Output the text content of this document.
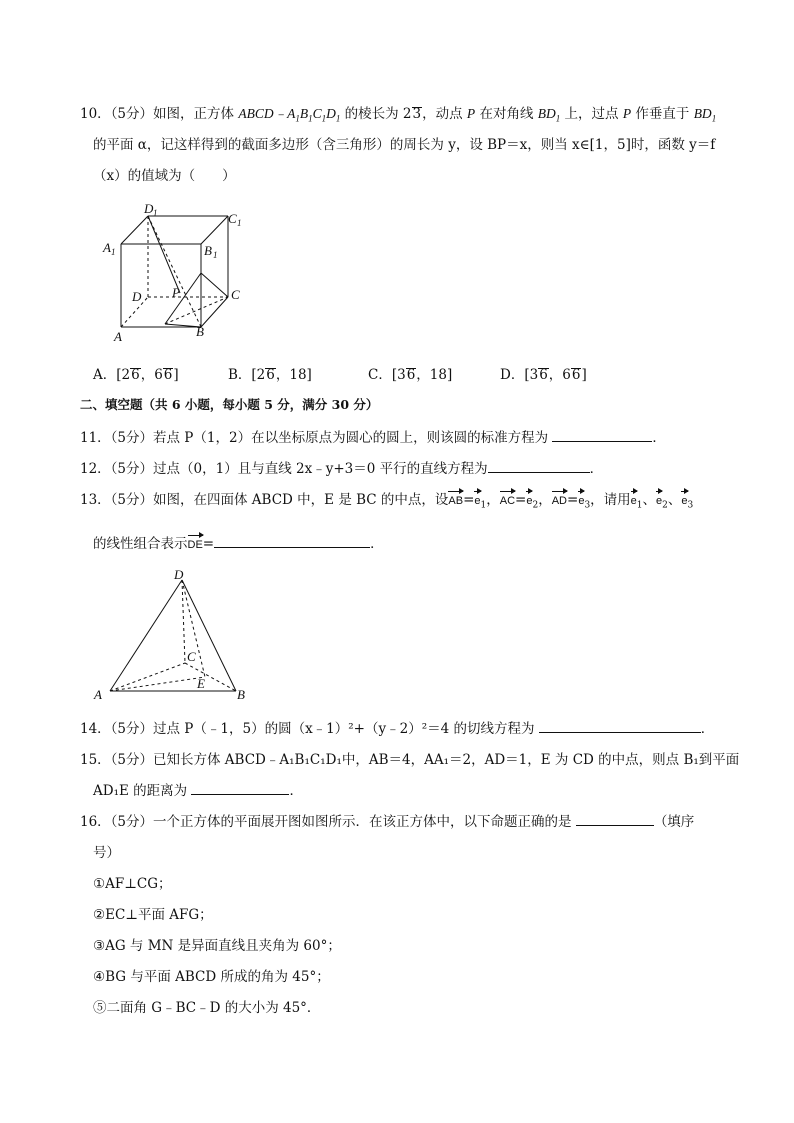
10．（5分）如图，正方体 $ABCD﹣A_1B_1C_1D_1$ 的棱长为 23，动点 P 在对角线 $BD_1$ 上，过点 P 作垂直于 $BD_1$
的平面 α，记这样得到的截面多边形（含三角形）的周长为 y，设 BP＝x，则当 x∈[1，5]时，函数 y＝f
（x）的值域为（　　）
D 1	C 1
A 1	B 1
D P	C
A	B
A．[26，66]	B．[26，18]	C．[36，18]	D．[36，66]
二、填空题（共 6 小题，每小题 5 分，满分 30 分）
11．（5分）若点 P（1，2）在以坐标原点为圆心的圆上，则该圆的标准方程为	．
12．（5分）过点（0，1）且与直线 2x﹣y+3＝0 平行的直线方程为	．
13．（5分）如图，在四面体 ABCD 中，E 是 BC 的中点，设$AB=e_1$，$AC=e_2$，$AD=e_3$，请用$e_1$、$e_2$、$e_3$
的线性组合表示DE=	．
D
C
E
A	B
14．（5分）过点 P（﹣1，5）的圆（x﹣1）²+（y﹣2）²＝4 的切线方程为	．
15．（5分）已知长方体 ABCD﹣A₁B₁C₁D₁中，AB＝4，AA₁＝2，AD＝1，E 为 CD 的中点，则点 B₁到平面
AD₁E 的距离为	．
16．（5分）一个正方体的平面展开图如图所示．在该正方体中，以下命题正确的是	（填序
号）
①AF⊥CG；
②EC⊥平面 AFG；
③AG 与 MN 是异面直线且夹角为 60°；
④BG 与平面 ABCD 所成的角为 45°；
⑤二面角 G﹣BC﹣D 的大小为 45°．
